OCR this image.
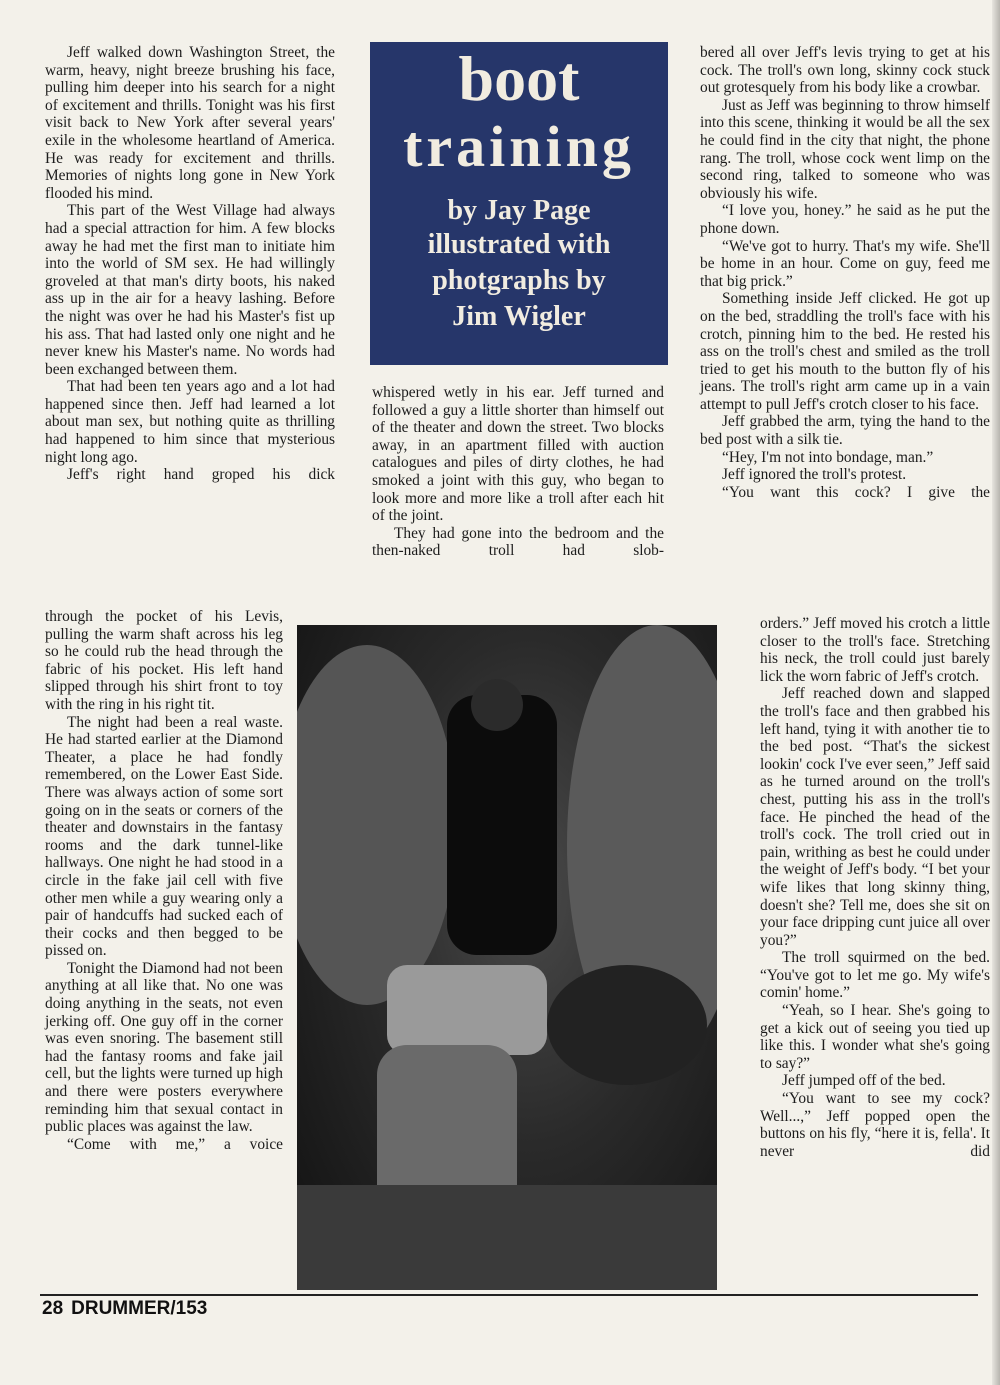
boot
training
by Jay Page
illustrated with
photgraphs by
Jim Wigler

Jeff walked down Washington Street, the warm, heavy, night breeze brushing his face, pulling him deeper into his search for a night of excitement and thrills. Tonight was his first visit back to New York after several years' exile in the wholesome heartland of America. He was ready for excitement and thrills. Memories of nights long gone in New York flooded his mind.

This part of the West Village had always had a special attraction for him. A few blocks away he had met the first man to initiate him into the world of SM sex. He had willingly groveled at that man's dirty boots, his naked ass up in the air for a heavy lashing. Before the night was over he had his Master's fist up his ass. That had lasted only one night and he never knew his Master's name. No words had been exchanged between them.

That had been ten years ago and a lot had happened since then. Jeff had learned a lot about man sex, but nothing quite as thrilling had happened to him since that mysterious night long ago.

Jeff's right hand groped his dick

through the pocket of his Levis, pulling the warm shaft across his leg so he could rub the head through the fabric of his pocket. His left hand slipped through his shirt front to toy with the ring in his right tit.

The night had been a real waste. He had started earlier at the Diamond Theater, a place he had fondly remembered, on the Lower East Side. There was always action of some sort going on in the seats or corners of the theater and downstairs in the fantasy rooms and the dark tunnel-like hallways. One night he had stood in a circle in the fake jail cell with five other men while a guy wearing only a pair of handcuffs had sucked each of their cocks and then begged to be pissed on.

Tonight the Diamond had not been anything at all like that. No one was doing anything in the seats, not even jerking off. One guy off in the corner was even snoring. The basement still had the fantasy rooms and fake jail cell, but the lights were turned up high and there were posters everywhere reminding him that sexual contact in public places was against the law.

“Come with me,” a voice

whispered wetly in his ear. Jeff turned and followed a guy a little shorter than himself out of the theater and down the street. Two blocks away, in an apartment filled with auction catalogues and piles of dirty clothes, he had smoked a joint with this guy, who began to look more and more like a troll after each hit of the joint.

They had gone into the bedroom and the then-naked troll had slob-

bered all over Jeff's levis trying to get at his cock. The troll's own long, skinny cock stuck out grotesquely from his body like a crowbar.

Just as Jeff was beginning to throw himself into this scene, thinking it would be all the sex he could find in the city that night, the phone rang. The troll, whose cock went limp on the second ring, talked to someone who was obviously his wife.

“I love you, honey.” he said as he put the phone down.

“We've got to hurry. That's my wife. She'll be home in an hour. Come on guy, feed me that big prick.”

Something inside Jeff clicked. He got up on the bed, straddling the troll's face with his crotch, pinning him to the bed. He rested his ass on the troll's chest and smiled as the troll tried to get his mouth to the button fly of his jeans. The troll's right arm came up in a vain attempt to pull Jeff's crotch closer to his face.

Jeff grabbed the arm, tying the hand to the bed post with a silk tie.

“Hey, I'm not into bondage, man.”

Jeff ignored the troll's protest.

“You want this cock? I give the

orders.” Jeff moved his crotch a little closer to the troll's face. Stretching his neck, the troll could just barely lick the worn fabric of Jeff's crotch.

Jeff reached down and slapped the troll's face and then grabbed his left hand, tying it with another tie to the bed post. “That's the sickest lookin' cock I've ever seen,” Jeff said as he turned around on the troll's chest, putting his ass in the troll's face. He pinched the head of the troll's cock. The troll cried out in pain, writhing as best he could under the weight of Jeff's body. “I bet your wife likes that long skinny thing, doesn't she? Tell me, does she sit on your face dripping cunt juice all over you?”

The troll squirmed on the bed. “You've got to let me go. My wife's comin' home.”

“Yeah, so I hear. She's going to get a kick out of seeing you tied up like this. I wonder what she's going to say?”

Jeff jumped off of the bed.

“You want to see my cock? Well...,” Jeff popped open the buttons on his fly, “here it is, fella'. It never did

28 DRUMMER/153
